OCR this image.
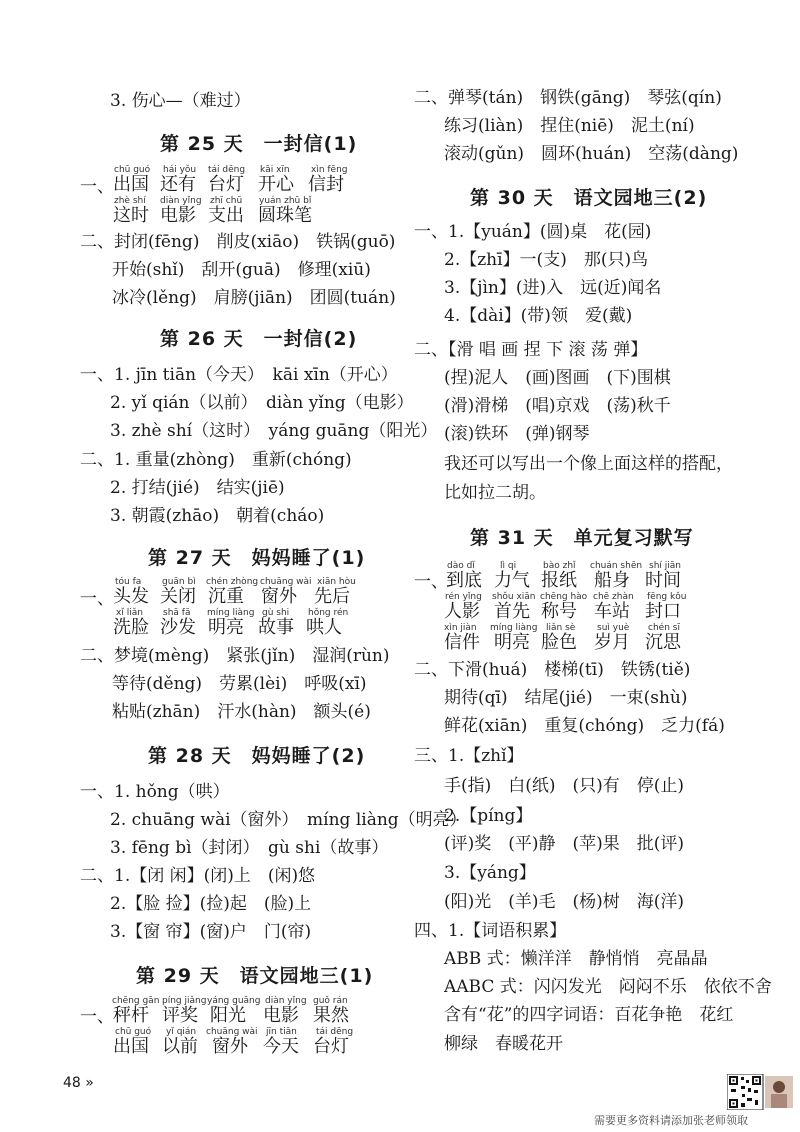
3. 伤心—（难过）
第 25 天　一封信(1)
一、
chū guó hái yǒu tái dēng kāi xīn xìn fēng
出国 还有 台灯 开心 信封
zhè shí diàn yǐng zhī chū yuán zhū bǐ
这时 电影 支出 圆珠笔
二、封闭(fēng)　削皮(xiāo)　铁锅(guō)
开始(shǐ)　刮开(guā)　修理(xiū)
冰冷(lěng)　肩膀(jiān)　团圆(tuán)
第 26 天　一封信(2)
一、1. jīn tiān（今天）　kāi xīn（开心）
2. yǐ qián（以前）　diàn yǐng（电影）
3. zhè shí（这时）　yáng guāng（阳光）
二、1. 重量(zhòng)　重新(chóng)
2. 打结(jié)　结实(jiē)
3. 朝霞(zhāo)　朝着(cháo)
第 27 天　妈妈睡了(1)
一、
tóu fa guān bì chén zhòng chuāng wài xiān hòu
头发 关闭 沉重 窗外 先后
xǐ liǎn shā fā míng liàng gù shi hǒng rén
洗脸 沙发 明亮 故事 哄人
二、梦境(mèng)　紧张(jǐn)　湿润(rùn)
等待(děng)　劳累(lèi)　呼吸(xī)
粘贴(zhān)　汗水(hàn)　额头(é)
第 28 天　妈妈睡了(2)
一、1. hǒng（哄）
2. chuāng wài（窗外）　míng liàng（明亮）
3. fēng bì（封闭）　gù shi（故事）
二、1.【闭 闲】(闭)上　(闲)悠
2.【脸 捡】(捡)起　(脸)上
3.【窗 帘】(窗)户　门(帘)
第 29 天　语文园地三(1)
一、
chēng gān píng jiǎng yáng guāng diàn yǐng guǒ rán
秤杆 评奖 阳光 电影 果然
chū guó yǐ qián chuāng wài jīn tiān tái dēng
出国 以前 窗外 今天 台灯
二、弹琴(tán)　钢铁(gāng)　琴弦(qín)
练习(liàn)　捏住(niē)　泥土(ní)
滚动(gǔn)　圆环(huán)　空荡(dàng)
第 30 天　语文园地三(2)
一、1.【yuán】(圆)桌　花(园)
2.【zhī】一(支)　那(只)鸟
3.【jìn】(进)入　远(近)闻名
4.【dài】(带)领　爱(戴)
二、【滑 唱 画 捏 下 滚 荡 弹】
(捏)泥人　(画)图画　(下)围棋
(滑)滑梯　(唱)京戏　(荡)秋千
(滚)铁环　(弹)钢琴
我还可以写出一个像上面这样的搭配，
比如拉二胡。
第 31 天　单元复习默写
一、
dào dǐ	lì qi	bào zhǐ chuán shēn shí jiān
到底 力气 报纸 船身 时间
rén yǐng shǒu xiān chēng hào chē zhàn fēng kǒu
人影 首先 称号 车站 封口
xìn jiàn míng liàng liǎn sè suì yuè chén sī
信件 明亮 脸色 岁月 沉思
二、下滑(huá)　楼梯(tī)　铁锈(tiě)
期待(qī)　结尾(jié)　一束(shù)
鲜花(xiān)　重复(chóng)　乏力(fá)
三、1.【zhǐ】
手(指)　白(纸)　(只)有　停(止)
2.【píng】
(评)奖　(平)静　(苹)果　批(评)
3.【yáng】
(阳)光　(羊)毛　(杨)树　海(洋)
四、1.【词语积累】
ABB 式：懒洋洋　静悄悄　亮晶晶
AABC 式：闪闪发光　闷闷不乐　依依不舍
含有“花”的四字词语：百花争艳　花红
柳绿　春暖花开
48 »
需要更多资料请添加张老师领取
